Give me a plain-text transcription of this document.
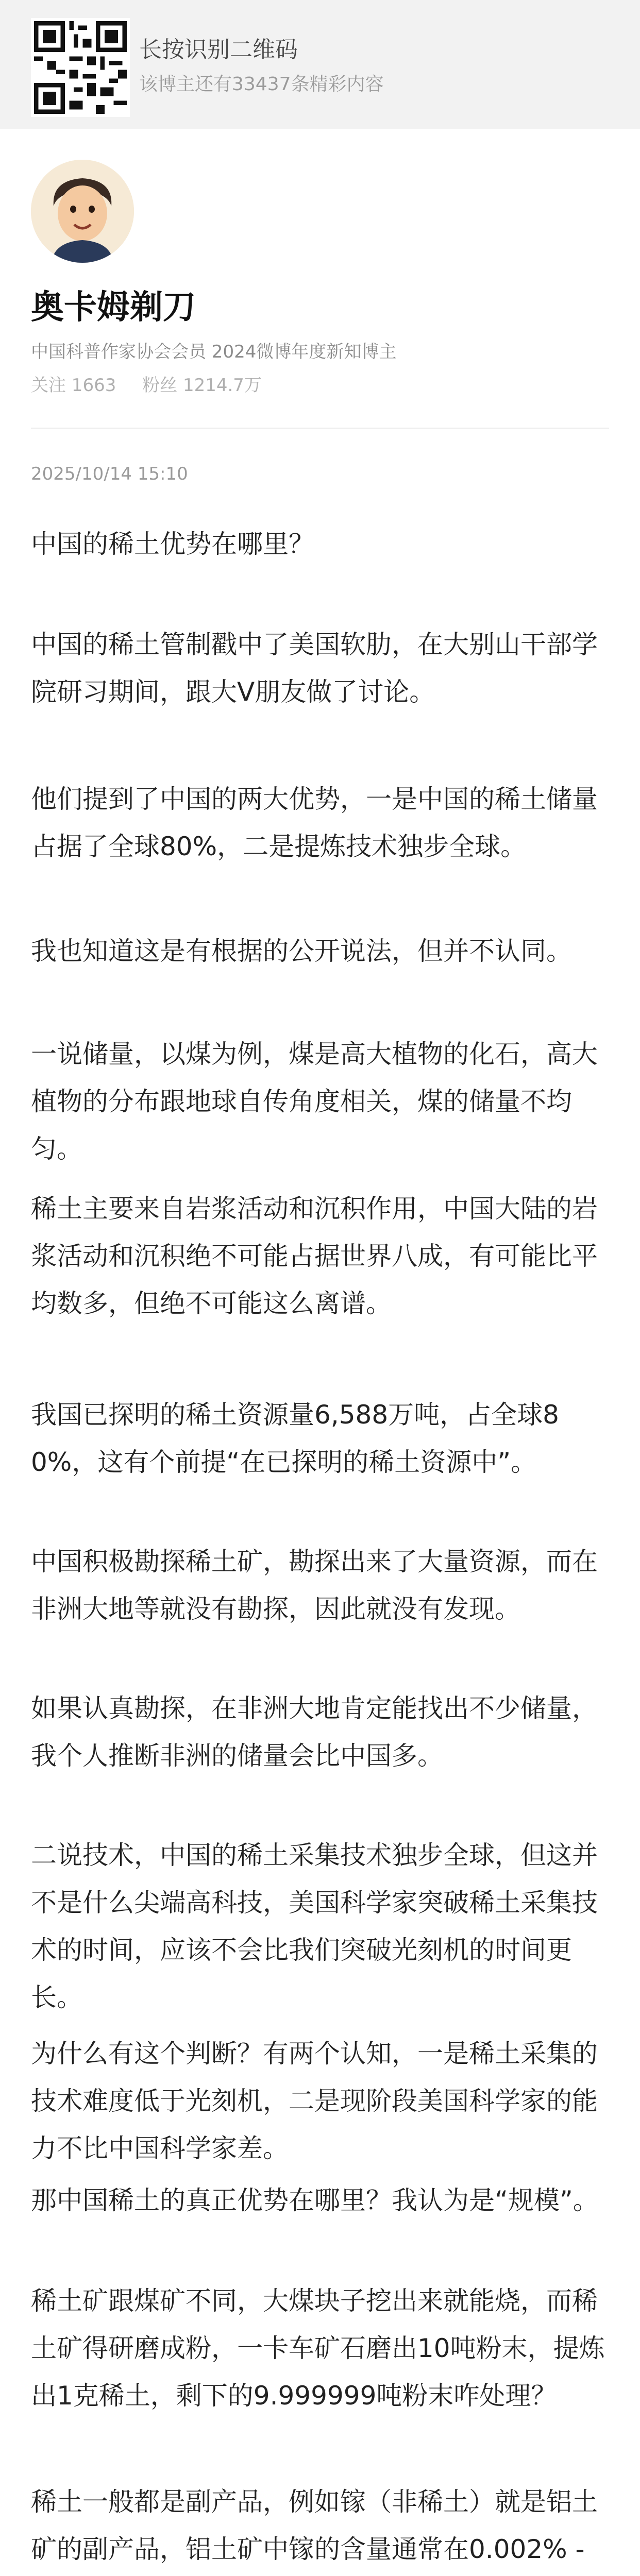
长按识别二维码
该博主还有33437条精彩内容
奥卡姆剃刀
中国科普作家协会会员 2024微博年度新知博主
关注 1663 粉丝 1214.7万
2025/10/14 15:10

中国的稀土优势在哪里？

中国的稀土管制戳中了美国软肋，在大别山干部学院研习期间，跟大V朋友做了讨论。

他们提到了中国的两大优势，一是中国的稀土储量占据了全球80%，二是提炼技术独步全球。

我也知道这是有根据的公开说法，但并不认同。

一说储量，以煤为例，煤是高大植物的化石，高大植物的分布跟地球自传角度相关，煤的储量不均匀。

稀土主要来自岩浆活动和沉积作用，中国大陆的岩浆活动和沉积绝不可能占据世界八成，有可能比平均数多，但绝不可能这么离谱。

我国已探明的稀土资源量6,588万吨，占全球80%，这有个前提“在已探明的稀土资源中”。

中国积极勘探稀土矿，勘探出来了大量资源，而在非洲大地等就没有勘探，因此就没有发现。

如果认真勘探，在非洲大地肯定能找出不少储量，我个人推断非洲的储量会比中国多。

二说技术，中国的稀土采集技术独步全球，但这并不是什么尖端高科技，美国科学家突破稀土采集技术的时间，应该不会比我们突破光刻机的时间更长。

为什么有这个判断？有两个认知，一是稀土采集的技术难度低于光刻机，二是现阶段美国科学家的能力不比中国科学家差。

那中国稀土的真正优势在哪里？我认为是“规模”。

稀土矿跟煤矿不同，大煤块子挖出来就能烧，而稀土矿得研磨成粉，一卡车矿石磨出10吨粉末，提炼出1克稀土，剩下的9.999999吨粉末咋处理？

稀土一般都是副产品，例如镓（非稀土）就是铝土矿的副产品，铝土矿中镓的含量通常在0.002% -
